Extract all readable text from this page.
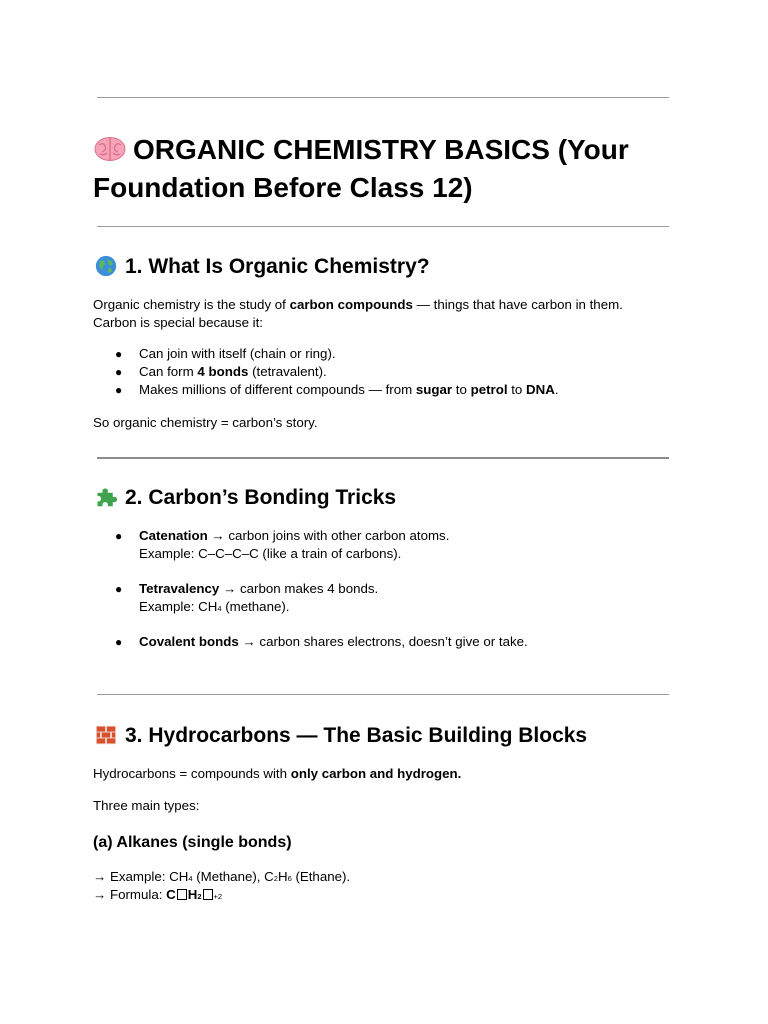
ORGANIC CHEMISTRY BASICS (Your Foundation Before Class 12)
1. What Is Organic Chemistry?
Organic chemistry is the study of carbon compounds — things that have carbon in them.
Carbon is special because it:
● Can join with itself (chain or ring).
● Can form 4 bonds (tetravalent).
● Makes millions of different compounds — from sugar to petrol to DNA.
So organic chemistry = carbon’s story.
2. Carbon’s Bonding Tricks
● Catenation → carbon joins with other carbon atoms.
Example: C–C–C–C (like a train of carbons).
● Tetravalency → carbon makes 4 bonds.
Example: CH4 (methane).
● Covalent bonds → carbon shares electrons, doesn’t give or take.
3. Hydrocarbons — The Basic Building Blocks
Hydrocarbons = compounds with only carbon and hydrogen.
Three main types:
(a) Alkanes (single bonds)
→ Example: CH4 (Methane), C2H6 (Ethane).
→ Formula: C H2 +2
